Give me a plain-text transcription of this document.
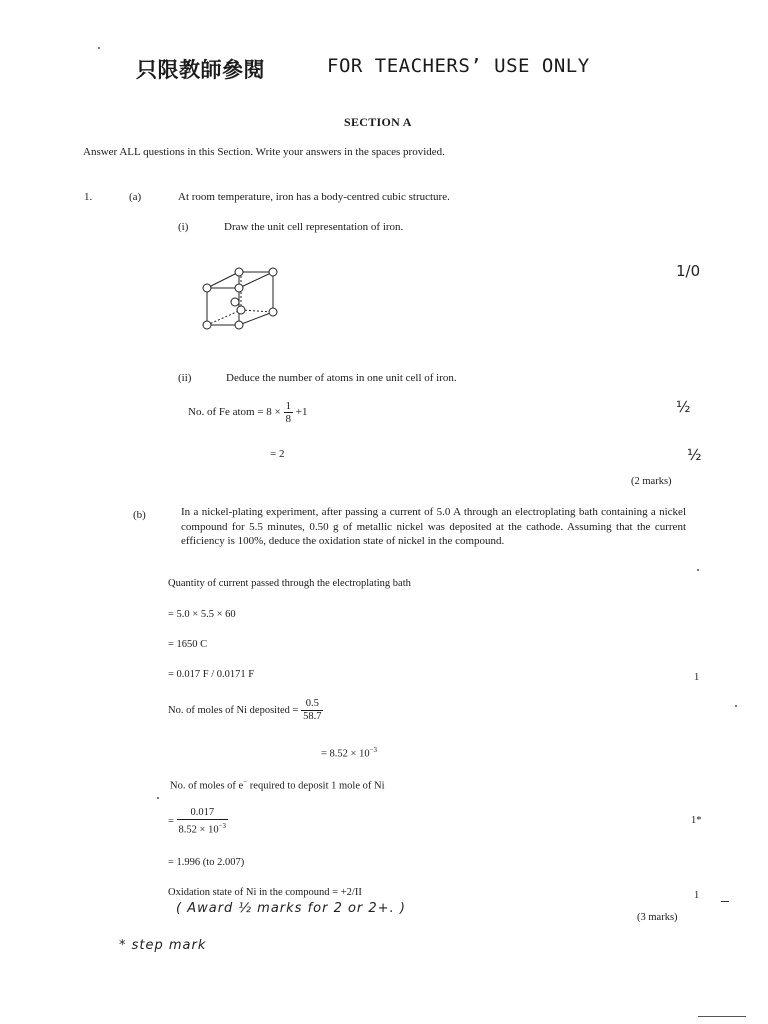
只限教師參閱	FOR TEACHERS’ USE ONLY
SECTION A
Answer ALL questions in this Section. Write your answers in the spaces provided.
1.	(a)	At room temperature, iron has a body-centred cubic structure.
(i)	Draw the unit cell representation of iron.
1/0
(ii)	Deduce the number of atoms in one unit cell of iron.
No. of Fe atom = $8 \times \frac{1}{8} +1$	½
= 2	½
(2 marks)
(b)	In a nickel-plating experiment, after passing a current of 5.0 A through an electroplating bath containing a nickel compound for 5.5 minutes, 0.50 g of metallic nickel was deposited at the cathode. Assuming that the current efficiency is 100%, deduce the oxidation state of nickel in the compound.
Quantity of current passed through the electroplating bath
= 5.0 × 5.5 × 60
= 1650 C
= 0.017 F / 0.0171 F	1
No. of moles of Ni deposited = $\frac{0.5}{58.7}$
= $8.52 \times 10^{-3}$
No. of moles of e− required to deposit 1 mole of Ni
= $\frac{0.017}{8.52 \times 10^{-3}}$	1*
= 1.996 (to 2.007)
Oxidation state of Ni in the compound = +2/II	1
( Award ½ marks for 2 or 2+. )
(3 marks)
* step mark
